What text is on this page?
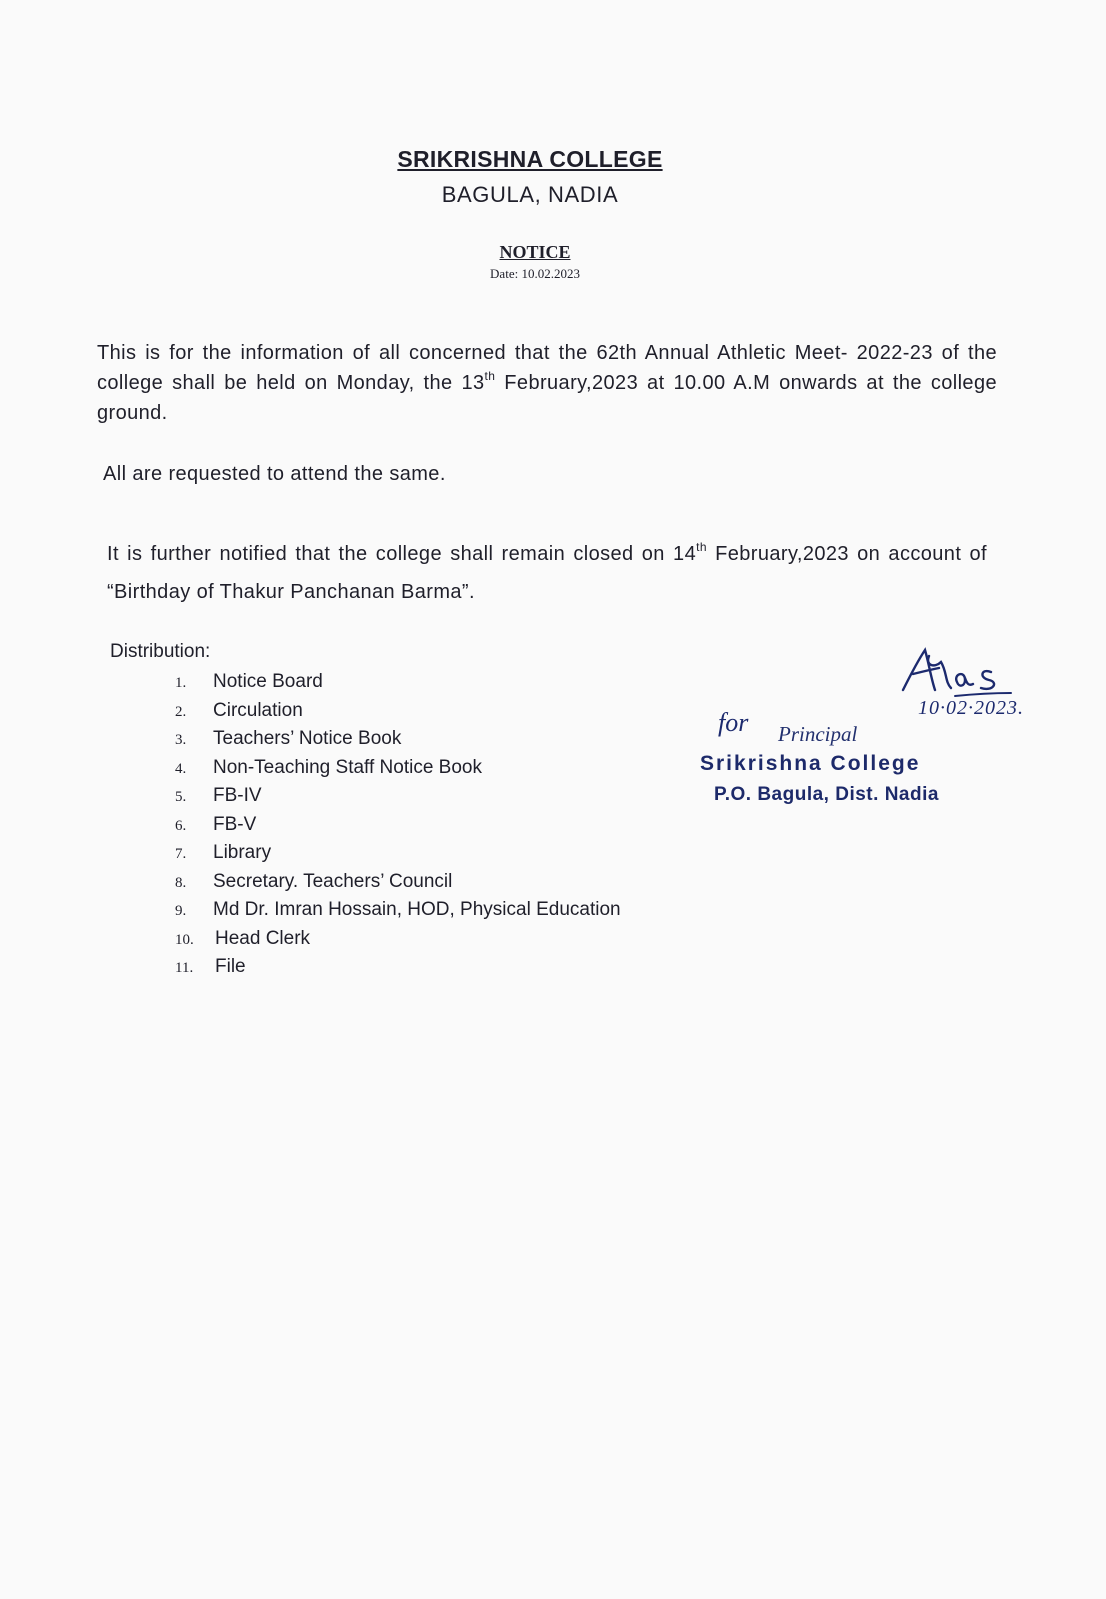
SRIKRISHNA COLLEGE
BAGULA, NADIA
NOTICE
Date: 10.02.2023
This is for the information of all concerned that the 62th Annual Athletic Meet- 2022-23 of the college shall be held on Monday, the 13th February,2023 at 10.00 A.M onwards at the college ground.
All are requested to attend the same.
It is further notified that the college shall remain closed on 14th February,2023 on account of “Birthday of Thakur Panchanan Barma”.
Distribution:
1. Notice Board
2. Circulation
3. Teachers’ Notice Book
4. Non-Teaching Staff Notice Book
5. FB-IV
6. FB-V
7. Library
8. Secretary. Teachers’ Council
9. Md Dr. Imran Hossain, HOD, Physical Education
10. Head Clerk
11. File
10·02·2023.
for Principal
Srikrishna College
P.O. Bagula, Dist. Nadia
